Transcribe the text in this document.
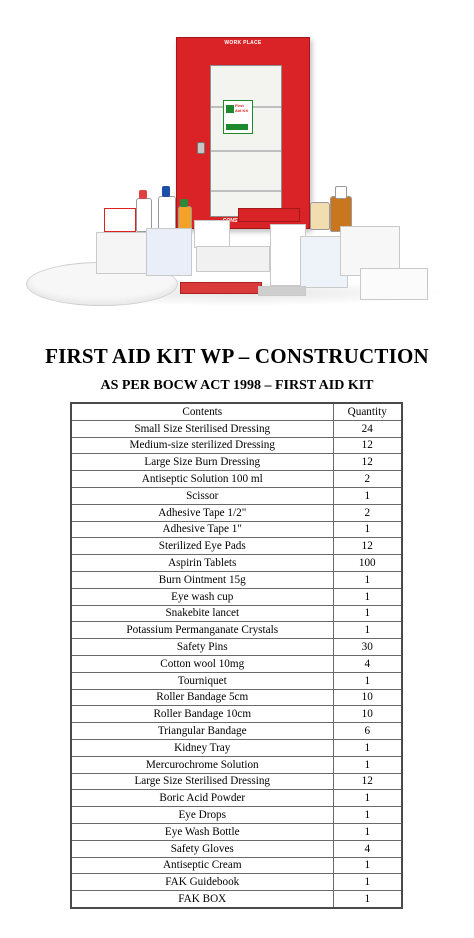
WORK PLACE
First Aid Kit
FIRST AID KIT WP – CONSTRUCTION
AS PER BOCW ACT 1998 – FIRST AID KIT
Contents	Quantity
Small Size Sterilised Dressing	24
Medium-size sterilized Dressing	12
Large Size Burn Dressing	12
Antiseptic Solution 100 ml	2
Scissor	1
Adhesive Tape 1/2"	2
Adhesive Tape 1"	1
Sterilized Eye Pads	12
Aspirin Tablets	100
Burn Ointment 15g	1
Eye wash cup	1
Snakebite lancet	1
Potassium Permanganate Crystals	1
Safety Pins	30
Cotton wool 10mg	4
Tourniquet	1
Roller Bandage 5cm	10
Roller Bandage 10cm	10
Triangular Bandage	6
Kidney Tray	1
Mercurochrome Solution	1
Large Size Sterilised Dressing	12
Boric Acid Powder	1
Eye Drops	1
Eye Wash Bottle	1
Safety Gloves	4
Antiseptic Cream	1
FAK Guidebook	1
FAK BOX	1
